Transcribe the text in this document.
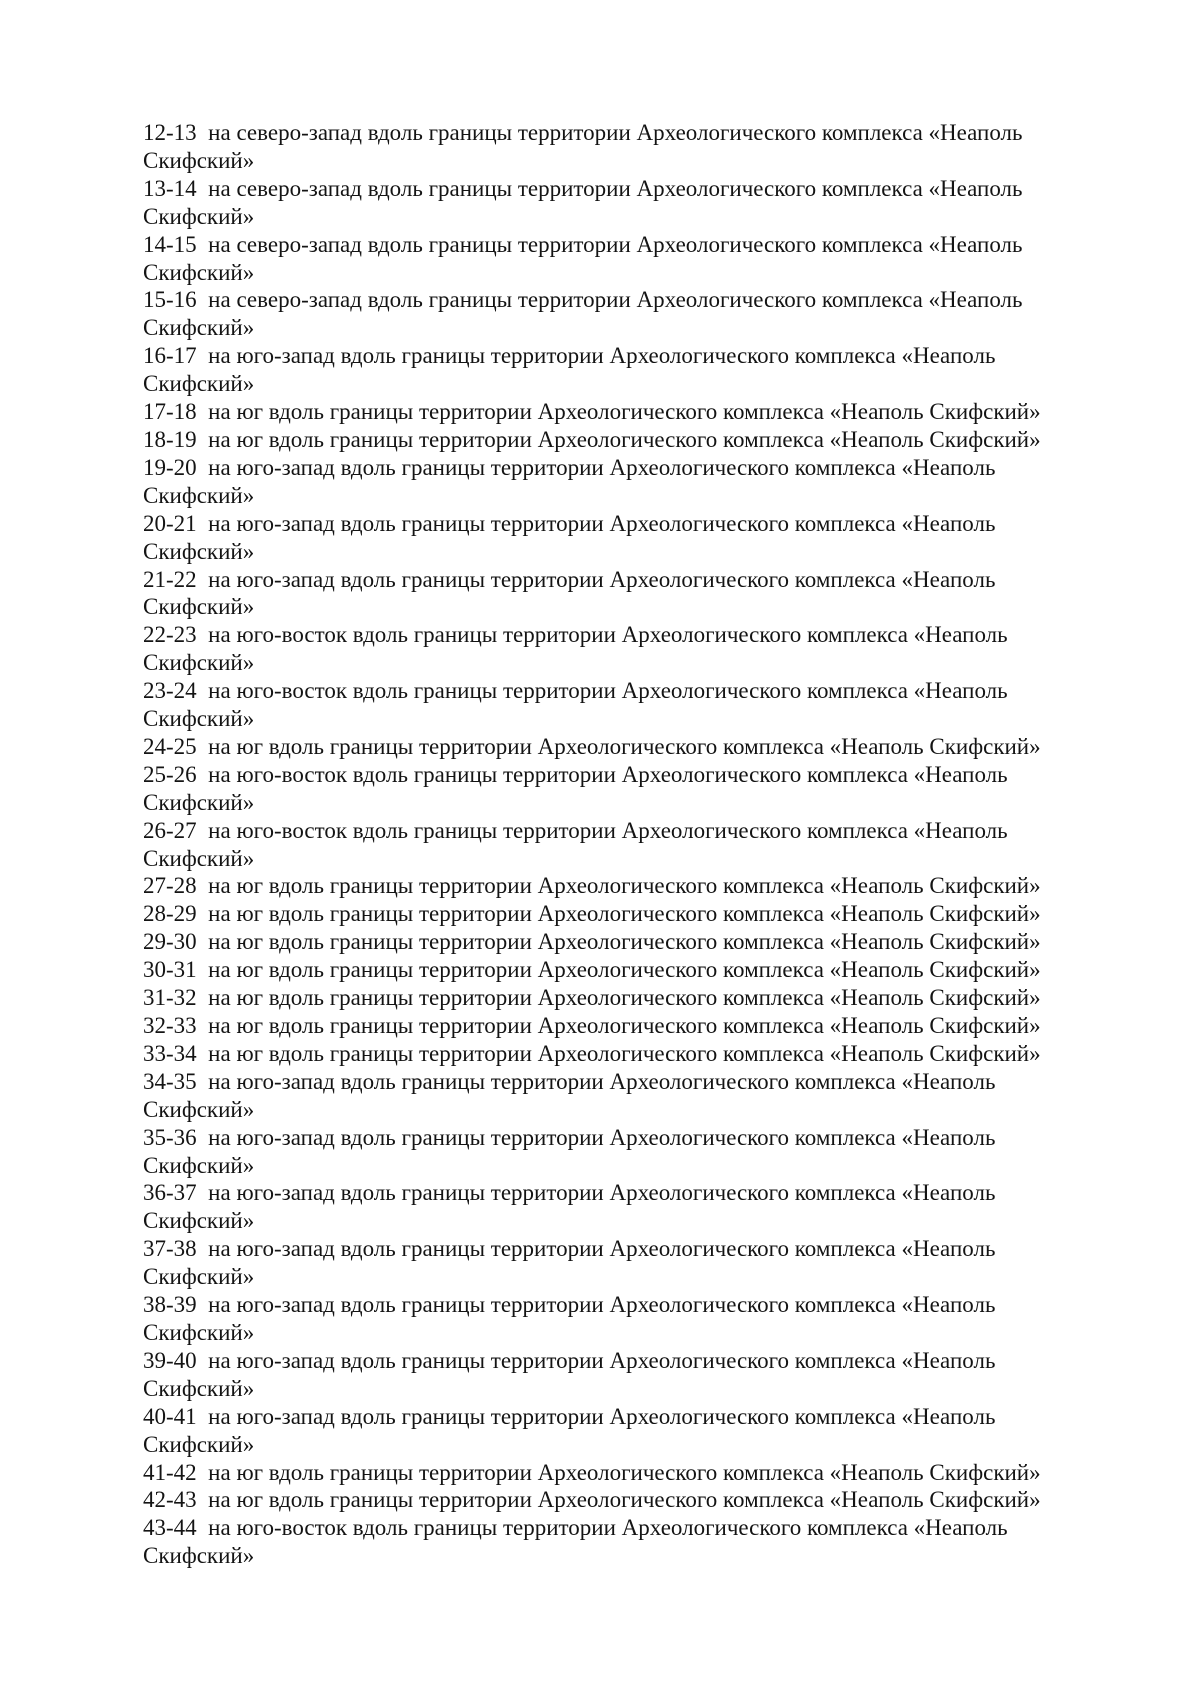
12-13 на северо-запад вдоль границы территории Археологического комплекса «Неаполь
Скифский»
13-14 на северо-запад вдоль границы территории Археологического комплекса «Неаполь
Скифский»
14-15 на северо-запад вдоль границы территории Археологического комплекса «Неаполь
Скифский»
15-16 на северо-запад вдоль границы территории Археологического комплекса «Неаполь
Скифский»
16-17 на юго-запад вдоль границы территории Археологического комплекса «Неаполь
Скифский»
17-18 на юг вдоль границы территории Археологического комплекса «Неаполь Скифский»
18-19 на юг вдоль границы территории Археологического комплекса «Неаполь Скифский»
19-20 на юго-запад вдоль границы территории Археологического комплекса «Неаполь
Скифский»
20-21 на юго-запад вдоль границы территории Археологического комплекса «Неаполь
Скифский»
21-22 на юго-запад вдоль границы территории Археологического комплекса «Неаполь
Скифский»
22-23 на юго-восток вдоль границы территории Археологического комплекса «Неаполь
Скифский»
23-24 на юго-восток вдоль границы территории Археологического комплекса «Неаполь
Скифский»
24-25 на юг вдоль границы территории Археологического комплекса «Неаполь Скифский»
25-26 на юго-восток вдоль границы территории Археологического комплекса «Неаполь
Скифский»
26-27 на юго-восток вдоль границы территории Археологического комплекса «Неаполь
Скифский»
27-28 на юг вдоль границы территории Археологического комплекса «Неаполь Скифский»
28-29 на юг вдоль границы территории Археологического комплекса «Неаполь Скифский»
29-30 на юг вдоль границы территории Археологического комплекса «Неаполь Скифский»
30-31 на юг вдоль границы территории Археологического комплекса «Неаполь Скифский»
31-32 на юг вдоль границы территории Археологического комплекса «Неаполь Скифский»
32-33 на юг вдоль границы территории Археологического комплекса «Неаполь Скифский»
33-34 на юг вдоль границы территории Археологического комплекса «Неаполь Скифский»
34-35 на юго-запад вдоль границы территории Археологического комплекса «Неаполь
Скифский»
35-36 на юго-запад вдоль границы территории Археологического комплекса «Неаполь
Скифский»
36-37 на юго-запад вдоль границы территории Археологического комплекса «Неаполь
Скифский»
37-38 на юго-запад вдоль границы территории Археологического комплекса «Неаполь
Скифский»
38-39 на юго-запад вдоль границы территории Археологического комплекса «Неаполь
Скифский»
39-40 на юго-запад вдоль границы территории Археологического комплекса «Неаполь
Скифский»
40-41 на юго-запад вдоль границы территории Археологического комплекса «Неаполь
Скифский»
41-42 на юг вдоль границы территории Археологического комплекса «Неаполь Скифский»
42-43 на юг вдоль границы территории Археологического комплекса «Неаполь Скифский»
43-44 на юго-восток вдоль границы территории Археологического комплекса «Неаполь
Скифский»
